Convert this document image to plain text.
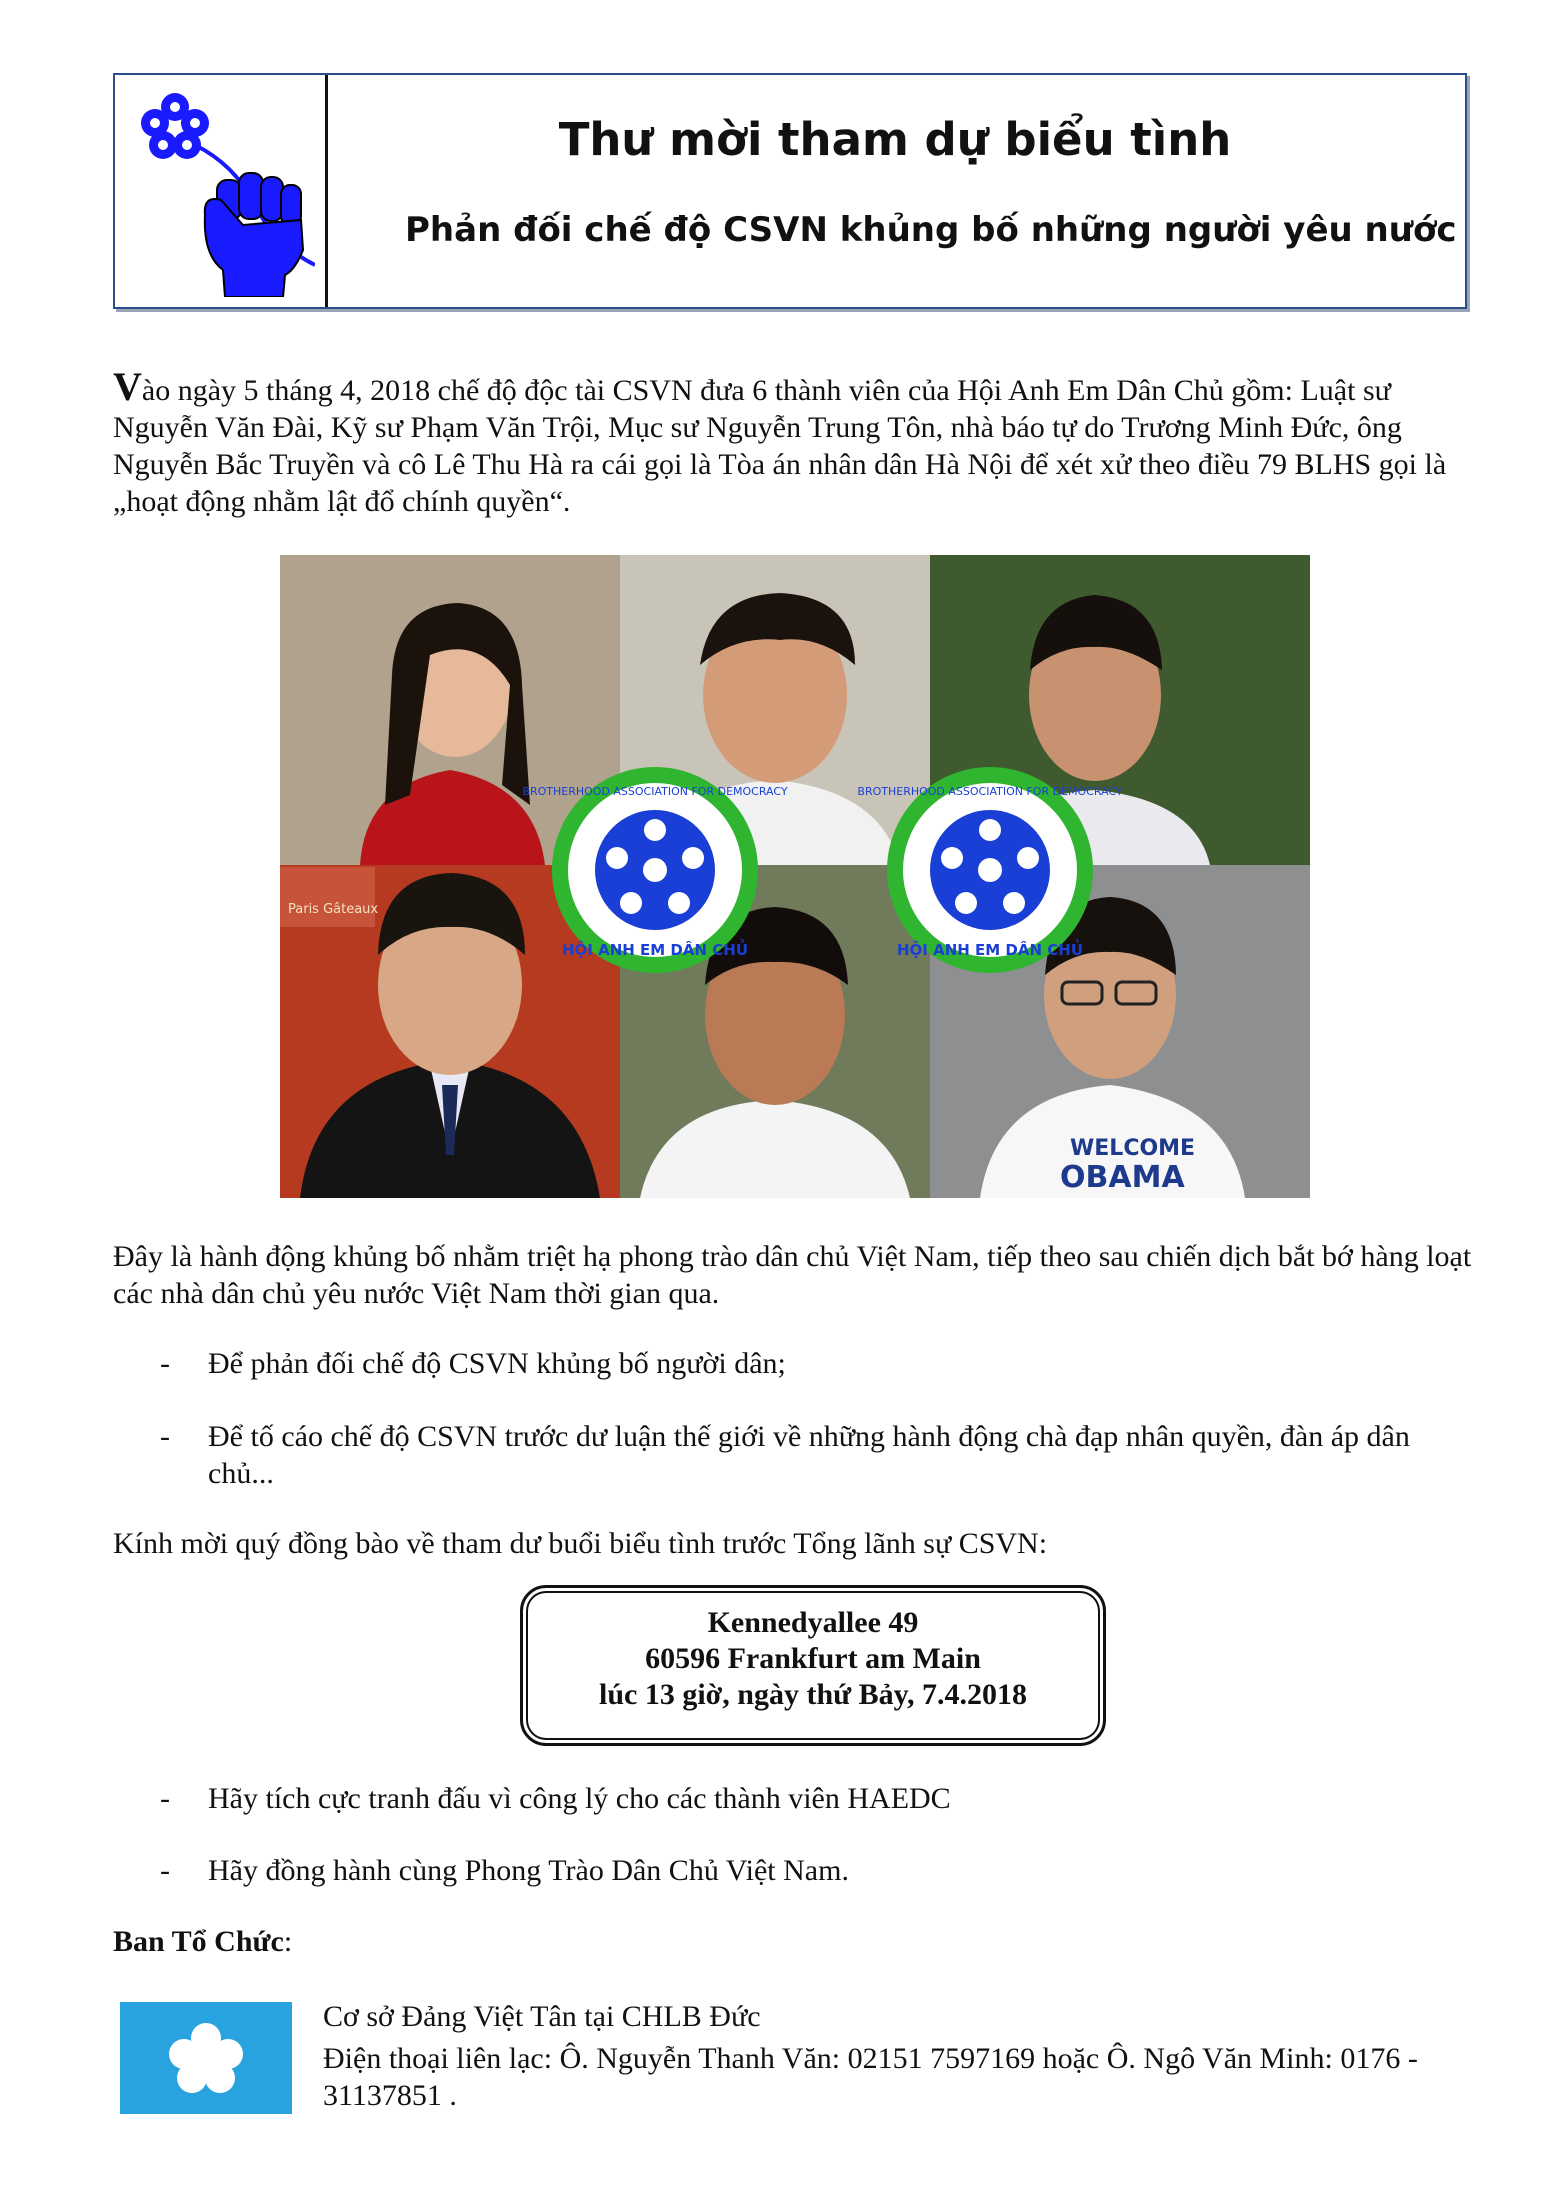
Thư mời tham dự biểu tình
Phản đối chế độ CSVN khủng bố những người yêu nước
Vào ngày 5 tháng 4, 2018 chế độ độc tài CSVN đưa 6 thành viên của Hội Anh Em Dân Chủ gồm: Luật sư Nguyễn Văn Đài, Kỹ sư Phạm Văn Trội, Mục sư Nguyễn Trung Tôn, nhà báo tự do Trương Minh Đức, ông Nguyễn Bắc Truyền và cô Lê Thu Hà ra cái gọi là Tòa án nhân dân Hà Nội để xét xử theo điều 79 BLHS gọi là „hoạt động nhằm lật đổ chính quyền“.
Paris Gâteaux
WELCOME
OBAMA
BROTHERHOOD ASSOCIATION FOR DEMOCRACY
HỘI ANH EM DÂN CHỦ
BROTHERHOOD ASSOCIATION FOR DEMOCRACY
HỘI ANH EM DÂN CHỦ
Đây là hành động khủng bố nhằm triệt hạ phong trào dân chủ Việt Nam, tiếp theo sau chiến dịch bắt bớ hàng loạt các nhà dân chủ yêu nước Việt Nam thời gian qua.
-	Để phản đối chế độ CSVN khủng bố người dân;
-	Để tố cáo chế độ CSVN trước dư luận thế giới về những hành động chà đạp nhân quyền, đàn áp dân chủ...
Kính mời quý đồng bào về tham dư buổi biểu tình trước Tổng lãnh sự CSVN:
Kennedyallee 49
60596 Frankfurt am Main
lúc 13 giờ, ngày thứ Bảy, 7.4.2018
-	Hãy tích cực tranh đấu vì công lý cho các thành viên HAEDC
-	Hãy đồng hành cùng Phong Trào Dân Chủ Việt Nam.
Ban Tổ Chức:
Cơ sở Đảng Việt Tân tại CHLB Đức
Điện thoại liên lạc: Ô. Nguyễn Thanh Văn: 02151 7597169 hoặc Ô. Ngô Văn Minh: 0176 - 31137851 .
